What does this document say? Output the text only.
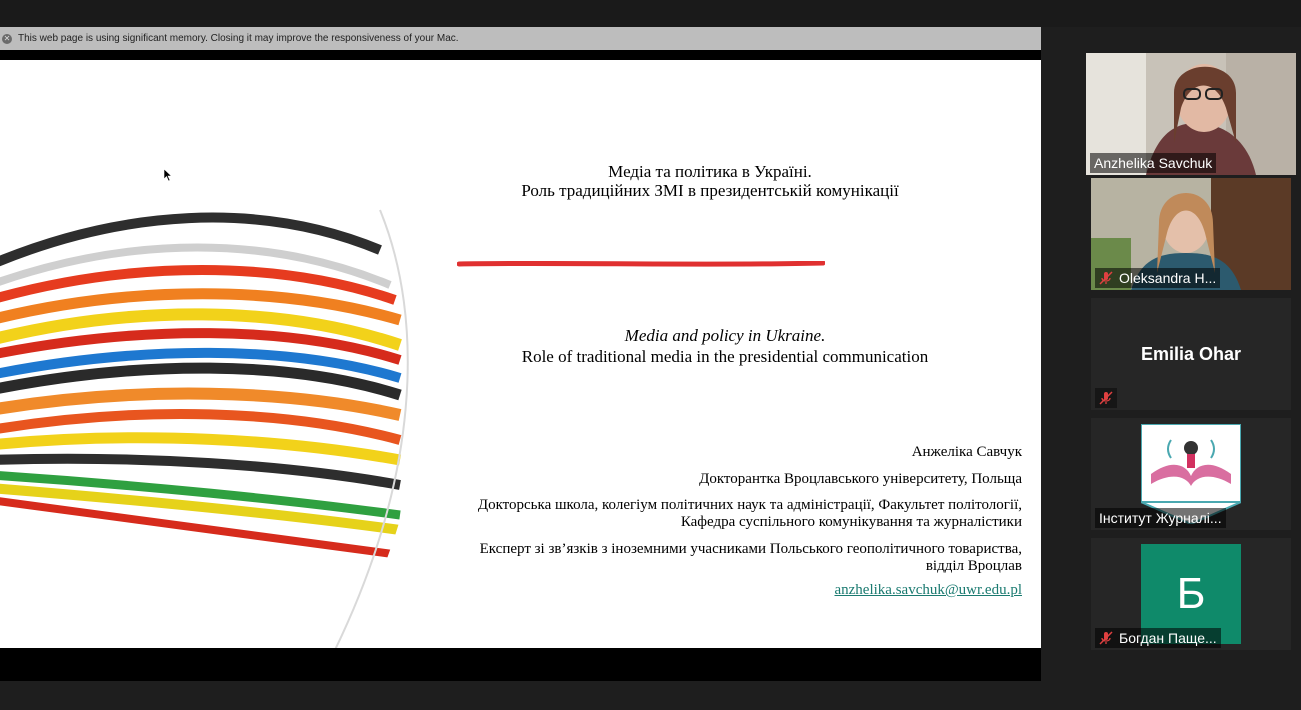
✕ This web page is using significant memory. Closing it may improve the responsiveness of your Mac.
Медіа та політика в Україні.
Роль традиційних ЗМІ в президентській комунікації
Media and policy in Ukraine.
Role of traditional media in the presidential communication
Анжеліка Савчук
Докторантка Вроцлавського університету, Польща
Докторська школа, колегіум політичних наук та адміністрації, Факультет політології,
Кафедра суспільного комунікування та журналістики
Експерт зі зв’язків з іноземними учасниками Польського геополітичного товариства,
відділ Вроцлав
anzhelika.savchuk@uwr.edu.pl
Anzhelika Savchuk
Oleksandra H...
Emilia Ohar
Інститут Журналі...
Б
Богдан Паще...
